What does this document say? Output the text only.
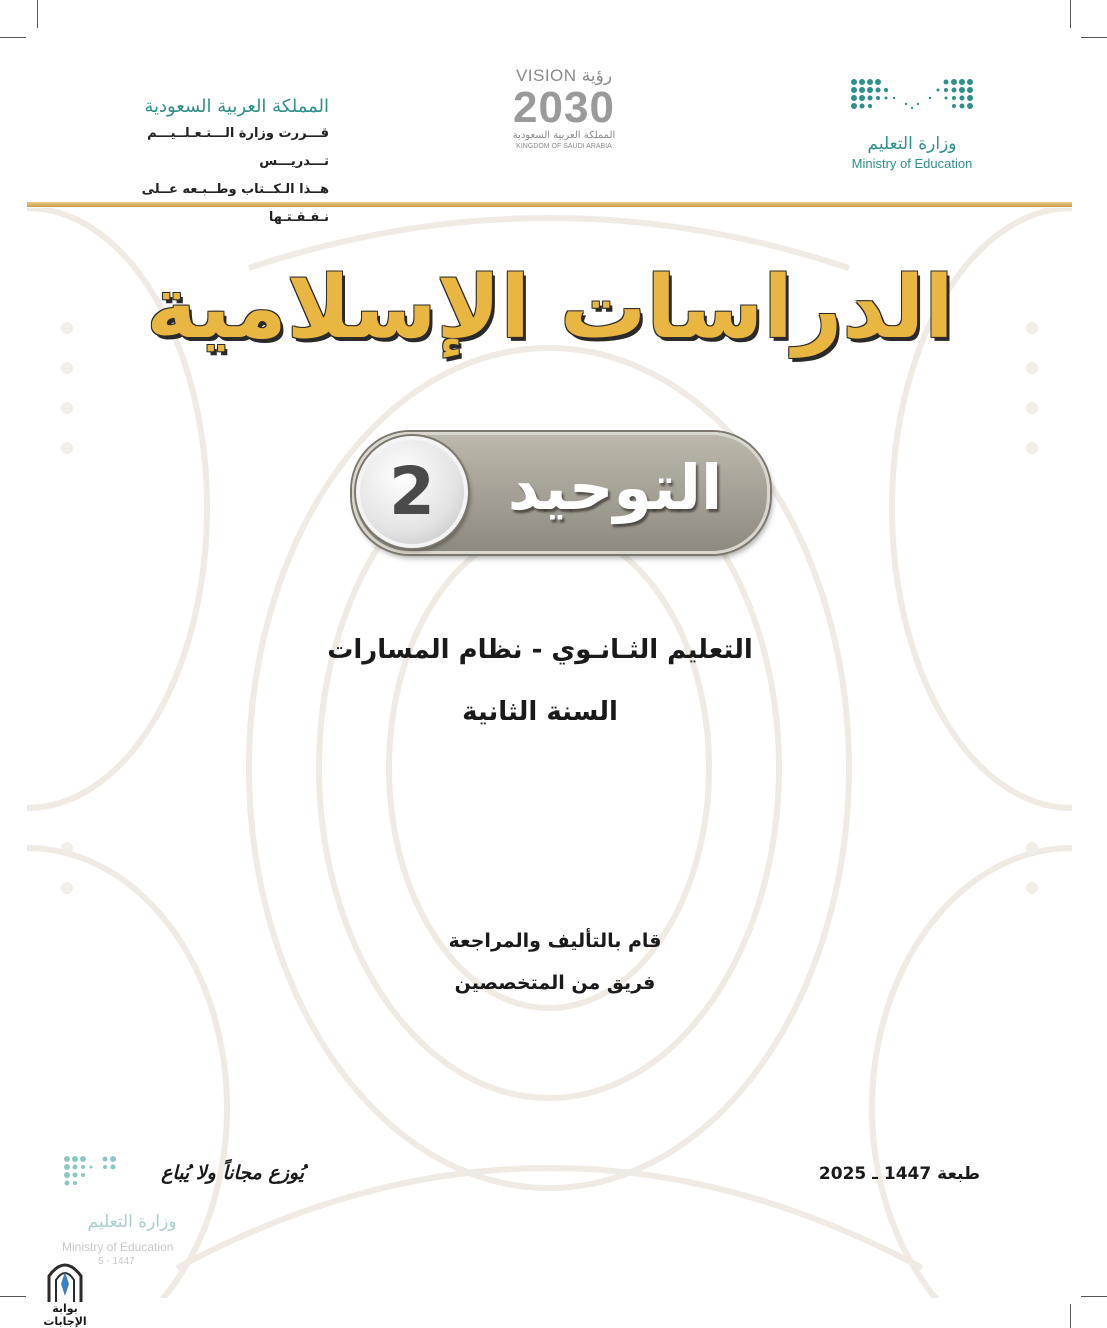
وزارة التعليم
Ministry of Education
VISION رؤية
2030
المملكة العربية السعودية
KINGDOM OF SAUDI ARABIA
المملكة العربية السعودية
قـــررت وزارة الـــتـعـلــيـــم تـــدريـــس
هــذا الـكــتاب وطــبـعه عــلى نـفـقـتـها
الدراسات الإسلامية
التوحيد
2
التعليم الثـانـوي - نظام المسارات
السنة الثانية
قام بالتأليف والمراجعة
فريق من المتخصصين
طبعة 1447 ـ 2025
يُوزع مجاناً ولا يُباع
وزارة التعليم
Ministry of Education
5 - 1447
بوابة الإجابات
